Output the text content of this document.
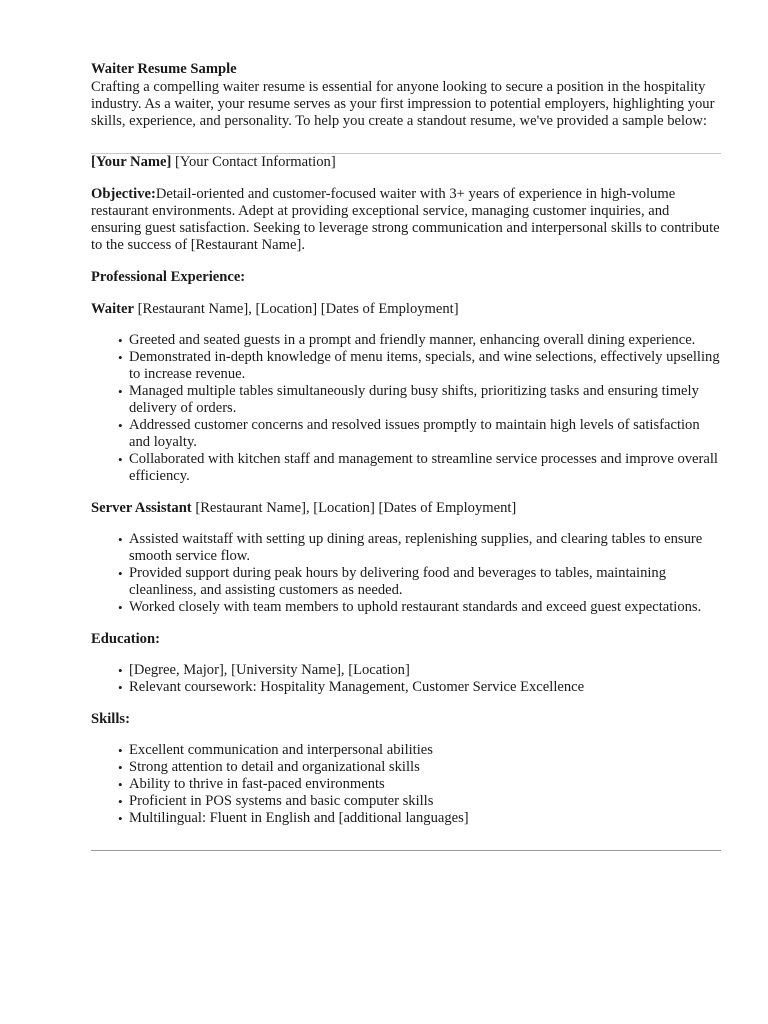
Waiter Resume Sample

Crafting a compelling waiter resume is essential for anyone looking to secure a position in the hospitality industry. As a waiter, your resume serves as your first impression to potential employers, highlighting your skills, experience, and personality. To help you create a standout resume, we've provided a sample below:

[Your Name] [Your Contact Information]
Objective:Detail-oriented and customer-focused waiter with 3+ years of experience in high-volume restaurant environments. Adept at providing exceptional service, managing customer inquiries, and ensuring guest satisfaction. Seeking to leverage strong communication and interpersonal skills to contribute to the success of [Restaurant Name].
Professional Experience:
Waiter [Restaurant Name], [Location] [Dates of Employment]
• Greeted and seated guests in a prompt and friendly manner, enhancing overall dining experience.
• Demonstrated in-depth knowledge of menu items, specials, and wine selections, effectively upselling to increase revenue.
• Managed multiple tables simultaneously during busy shifts, prioritizing tasks and ensuring timely delivery of orders.
• Addressed customer concerns and resolved issues promptly to maintain high levels of satisfaction and loyalty.
• Collaborated with kitchen staff and management to streamline service processes and improve overall efficiency.
Server Assistant [Restaurant Name], [Location] [Dates of Employment]
• Assisted waitstaff with setting up dining areas, replenishing supplies, and clearing tables to ensure smooth service flow.
• Provided support during peak hours by delivering food and beverages to tables, maintaining cleanliness, and assisting customers as needed.
• Worked closely with team members to uphold restaurant standards and exceed guest expectations.
Education:
• [Degree, Major], [University Name], [Location]
• Relevant coursework: Hospitality Management, Customer Service Excellence
Skills:
• Excellent communication and interpersonal abilities
• Strong attention to detail and organizational skills
• Ability to thrive in fast-paced environments
• Proficient in POS systems and basic computer skills
• Multilingual: Fluent in English and [additional languages]
